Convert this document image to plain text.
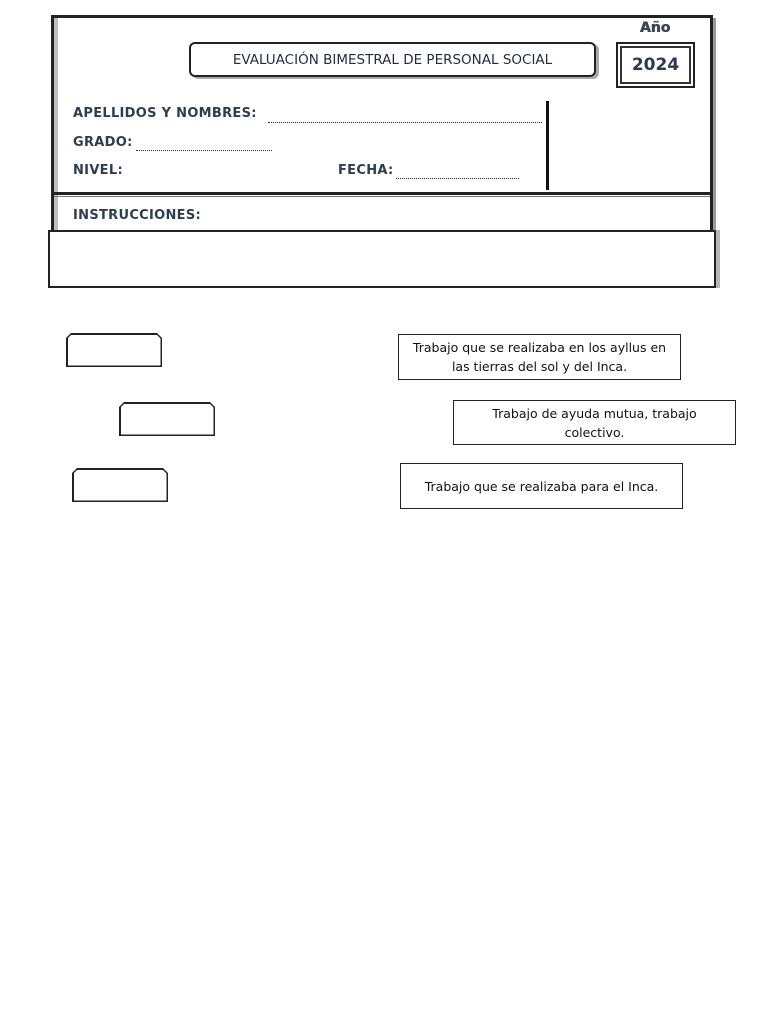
EVALUACIÓN BIMESTRAL DE PERSONAL SOCIAL
Año
2024
APELLIDOS Y NOMBRES:
GRADO:
NIVEL:	FECHA:
INSTRUCCIONES:
Trabajo que se realizaba en los ayllus en las tierras del sol y del Inca.
Trabajo de ayuda mutua, trabajo colectivo.
Trabajo que se realizaba para el Inca.
